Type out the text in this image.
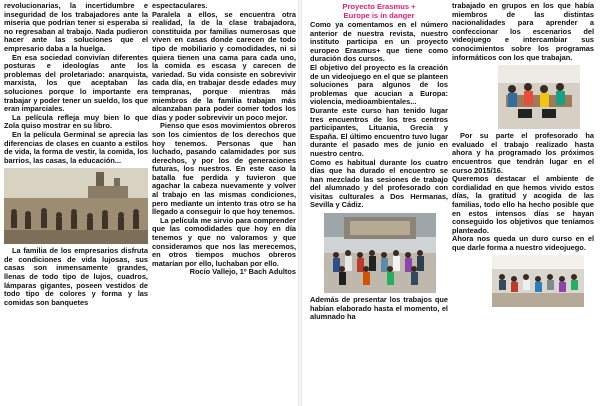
revolucionarias, la incertidumbre e inseguridad de los trabajadores ante la miseria que podrían tener si esperaba si no regresaban al trabajo. Nada pudieron hacer ante las soluciones que el empresario daba a la huelga.

En esa sociedad convivían diferentes posturas e ideologías ante los problemas del proletariado: anarquista, marxista, los que aceptaban las soluciones porque lo importante era trabajar y poder tener un sueldo, los que eran imparciales.

La película refleja muy bien lo que Zola quiso mostrar en su libro.

En la película Germinal se aprecia las diferencias de clases en cuanto a estilos de vida, la forma de vestir, la comida, los barrios, las casas, la educación...

La familia de los empresarios disfruta de condiciones de vida lujosas, sus casas son inmensamente grandes, llenas de todo tipo de lujos, cuadros, lámparas gigantes, poseen vestidos de todo tipo de colores y forma y las comidas son banquetes

espectaculares.

Paralela a ellos, se encuentra otra realidad, la de la clase trabajadora, constituida por familias numerosas que viven en casas donde carecen de todo tipo de mobiliario y comodidades, ni si quiera tienen una cama para cada uno, la comida es escasa y carecen de variedad. Su vida consiste en sobrevivir cada día, en trabajar desde edades muy tempranas, porque mientras más miembros de la familia trabajan más alcanzaban para poder comer todos los días y poder sobrevivir un poco mejor.

Pienso que esos movimientos obreros son los cimientos de los derechos que hoy tenemos. Personas que han luchado, pasando calamidades por sus derechos, y por los de generaciones futuras, los nuestros. En este caso la batalla fue perdida y tuvieron que agachar la cabeza nuevamente y volver al trabajo en las mismas condiciones, pero mediante un intento tras otro se ha llegado a conseguir lo que hoy tenemos.

La película me sirvio para comprender que las comodidades que hoy en día tenemos y que no valoramos y que consideramos que nos las merecemos, en otros tiempos muchos obreros matarían por ello, luchaban por ello.

Rocío Vallejo, 1º Bach Adultos

Proyecto Erasmus +
Europe is in danger

Como ya comentamos en el número anterior de nuestra revista, nuestro instituto participa en un proyecto europeo Erasmus+ que tiene como duración dos cursos.

El objetivo del proyecto es la creación de un videojuego en el que se planteen soluciones para algunos de los problemas que acucian a Europa: violencia, medioambientales...

Durante este curso han tenido lugar tres encuentros de los tres centros participantes, Lituania, Grecia y España. El último encuentro tuvo lugar durante el pasado mes de junio en nuestro centro.

Como es habitual durante los cuatro días que ha durado el encuentro se han mezclado las sesiones de trabajo del alumnado y del profesorado con visitas culturales a Dos Hermanas, Sevilla y Cádiz.

Además de presentar los trabajos que habían elaborado hasta el momento, el alumnado ha

trabajado en grupos en los que había miembros de las distintas nacionalidades para aprender a confeccionar los escenarios del videojuego e intercambiar sus conocimientos sobre los programas informáticos con los que trabajan.

Por su parte el profesorado ha evaluado el trabajo realizado hasta ahora y ha programado los próximos encuentros que tendrán lugar en el curso 2015/16.

Queremos destacar el ambiente de cordialidad en que hemos vivido estos días, la gratitud y acogida de las familias, todo ello ha hecho posible que en estos intensos días se hayan conseguido los objetivos que teníamos planteado.

Ahora nos queda un duro curso en el que darle forma a nuestro videojuego.
